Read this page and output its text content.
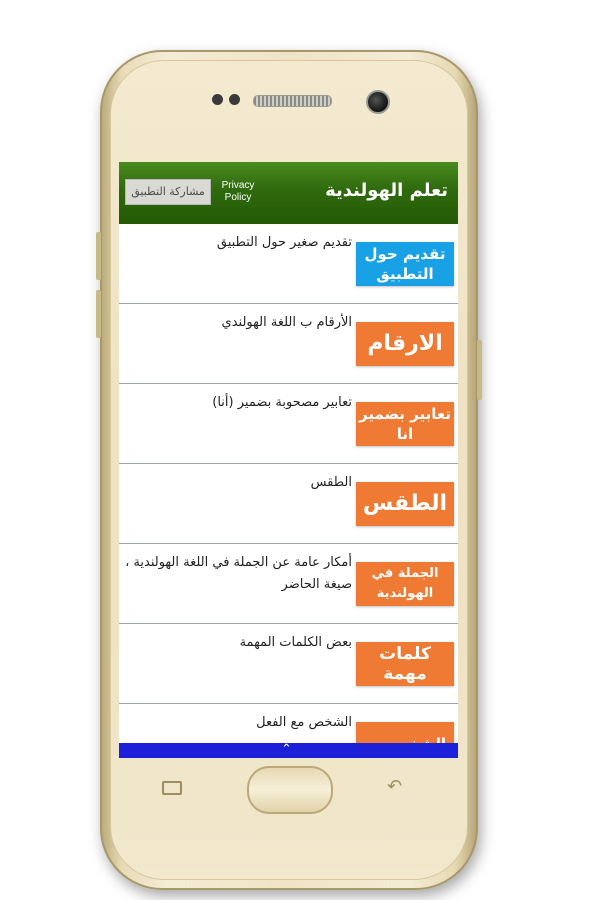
تعلم الهولندية
Privacy
Policy
مشاركة التطبيق
تقديم صغير حول التطبيق
تقديم حول التطبيق
الأرقام ب اللغة الهولندي
الارقام
تعابير مصحوبة بضمير (أنا)
تعابير بضمير انا
الطقس
الطقس
أمكار عامة عن الجملة في اللغة الهولندية ، صيغة الحاضر
الجملة في الهولندية
بعض الكلمات المهمة
كلمات مهمة
الشخص مع الفعل
⌃
↶
